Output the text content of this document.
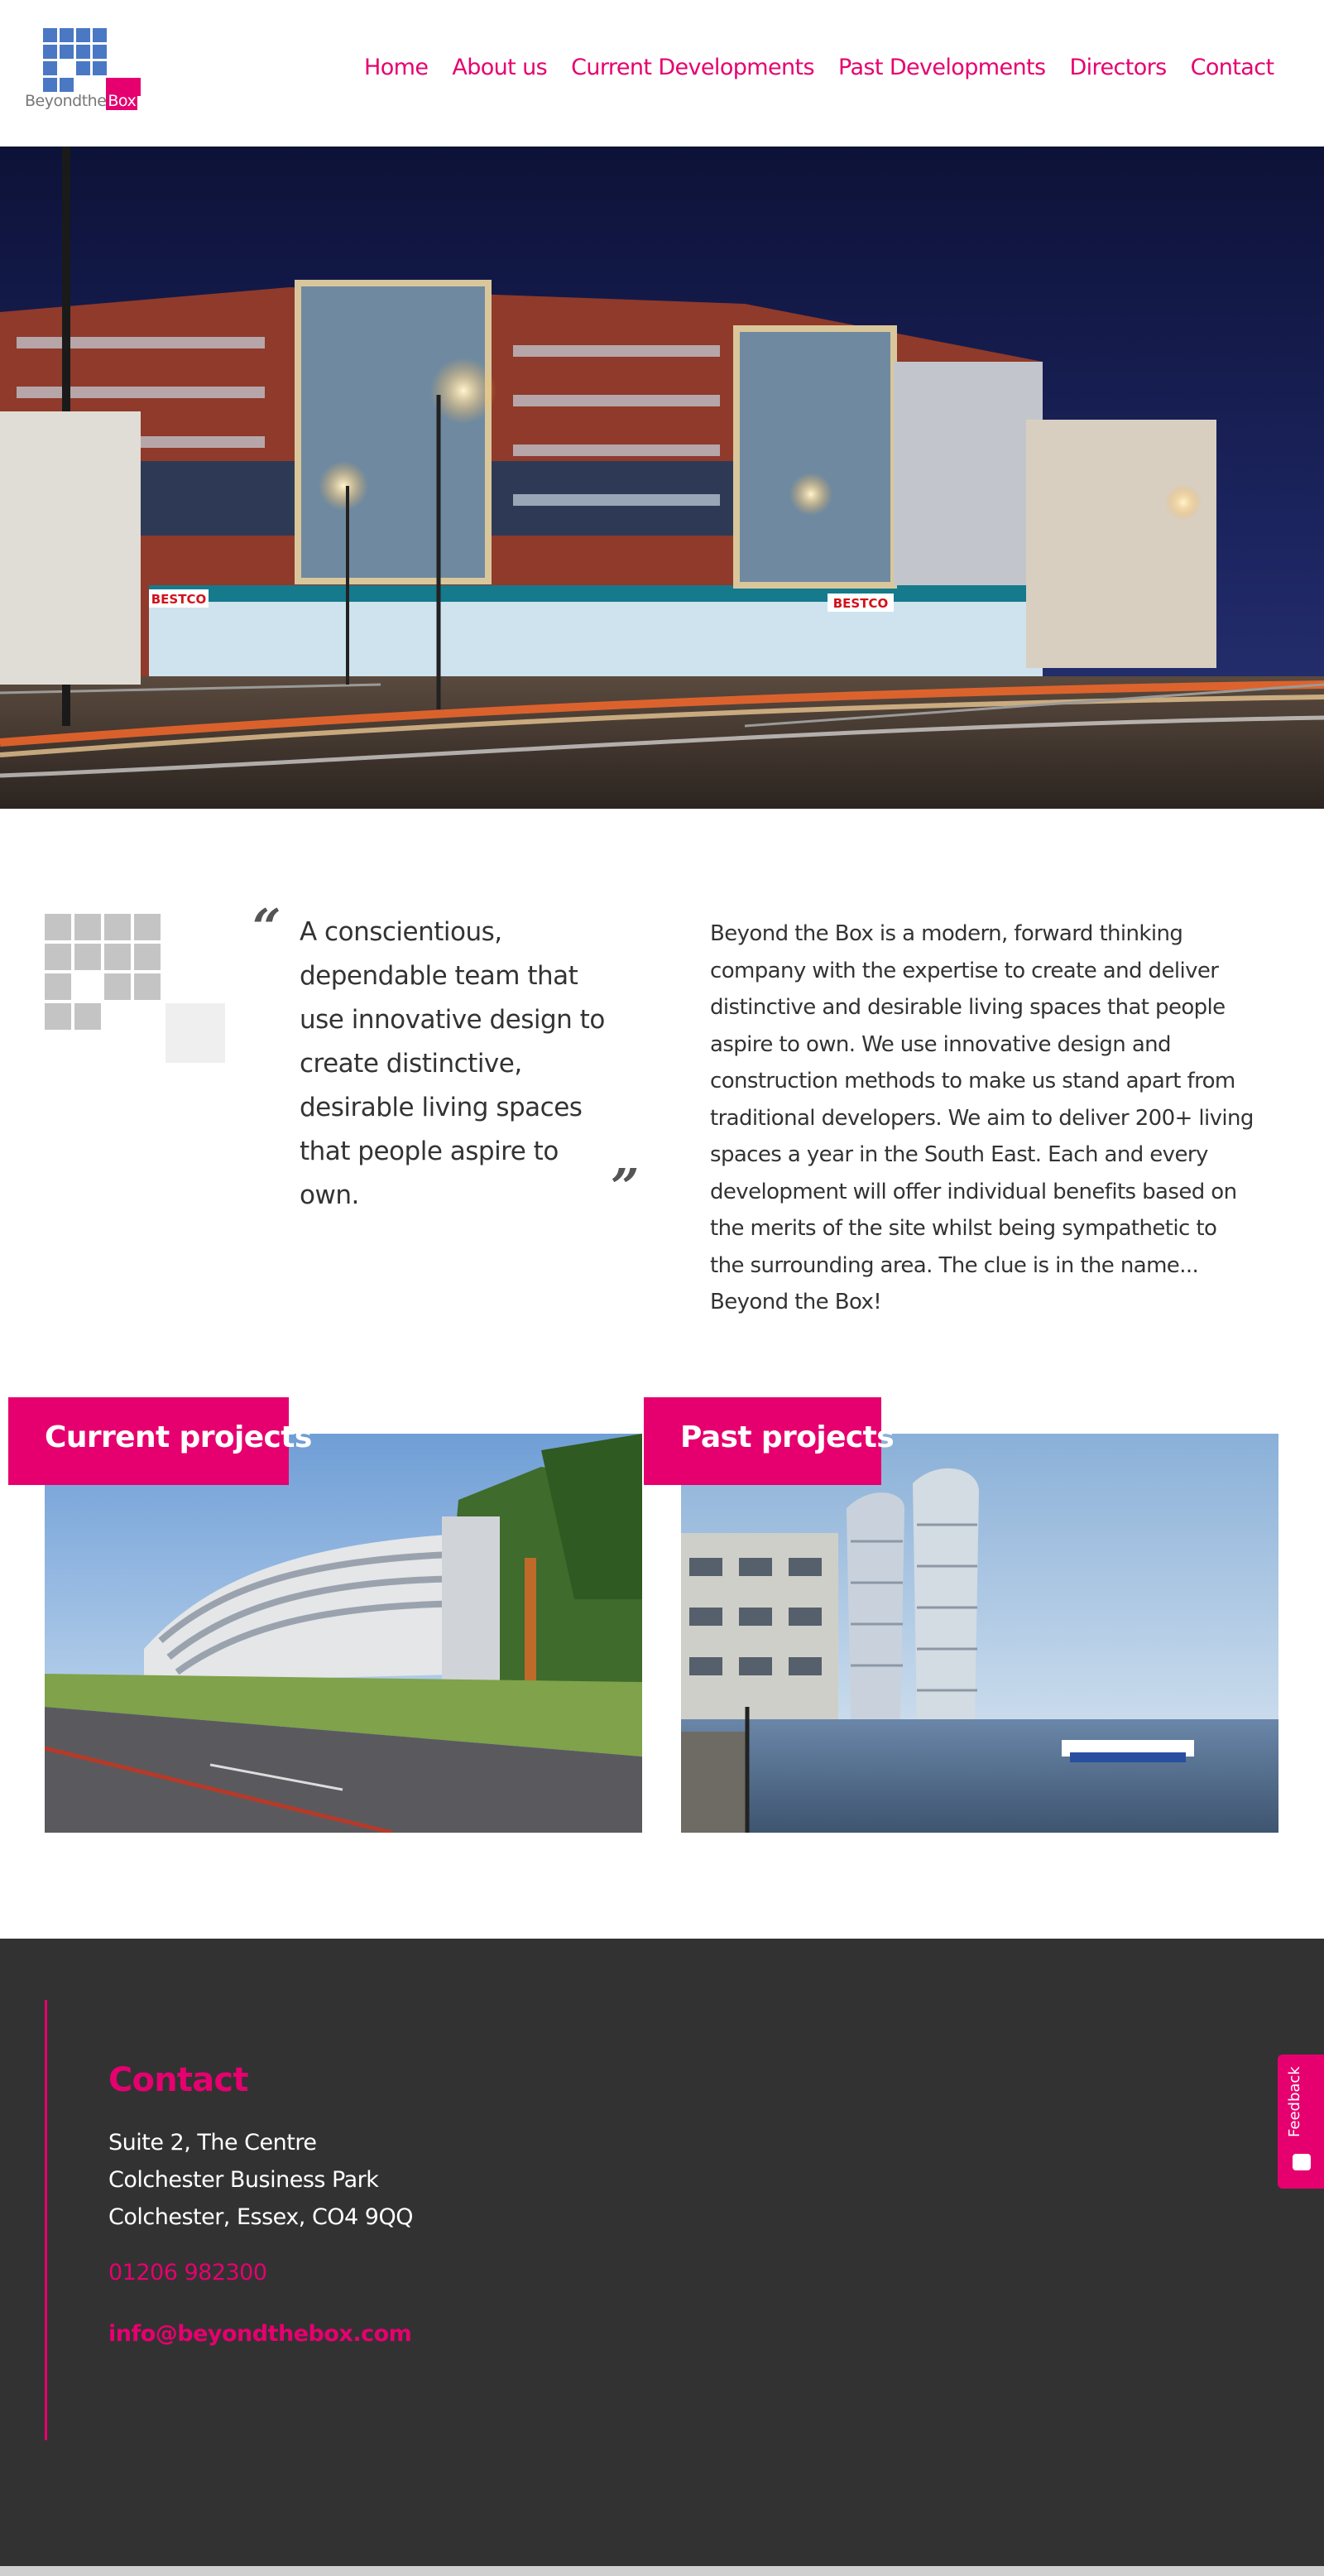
Beyondthe Box
Home About us Current Developments Past Developments Directors Contact
BESTCO	BESTCO
“ A conscientious, dependable team that use innovative design to create distinctive, desirable living spaces that people aspire to own.	”
Beyond the Box is a modern, forward thinking company with the expertise to create and deliver distinctive and desirable living spaces that people aspire to own. We use innovative design and construction methods to make us stand apart from traditional developers. We aim to deliver 200+ living spaces a year in the South East. Each and every development will offer individual benefits based on the merits of the site whilst being sympathetic to the surrounding area. The clue is in the name... Beyond the Box!
Current projects	Past projects
Contact
Suite 2, The Centre
Colchester Business Park
Colchester, Essex, CO4 9QQ
01206 982300
info@beyondthebox.com
Feedback
